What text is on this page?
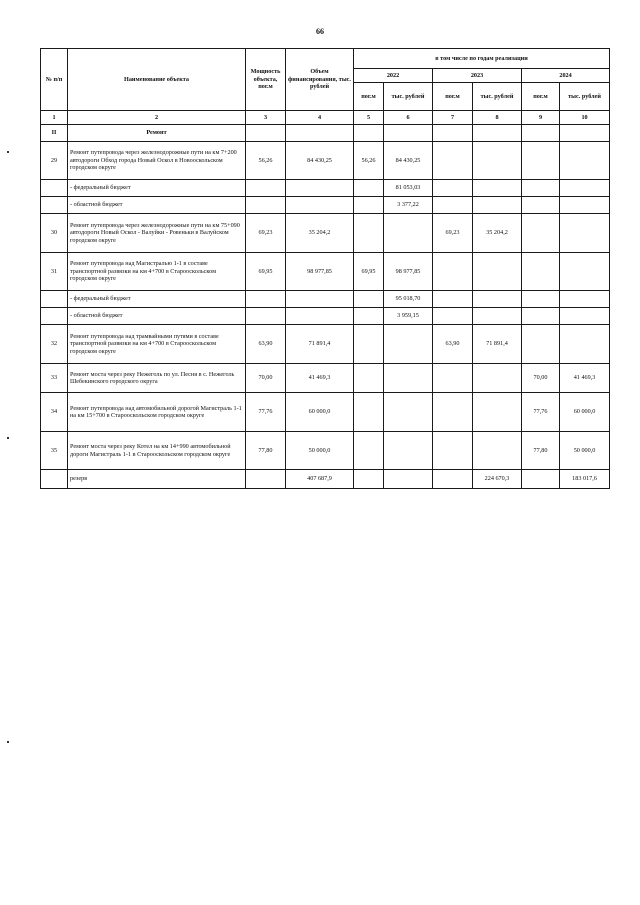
66
№ п/п	Наименование объекта	Мощность объекта, пог.м	Объем финансирования, тыс. рублей	в том числе по годам реализации					
				2022		2023		2024	
				пог.м	тыс. рублей	пог.м	тыс. рублей	пог.м	тыс. рублей
1	2	3	4	5	6	7	8	9	10
II	Ремонт								
29	Ремонт путепровода через железнодорожные пути на км 7+200 автодороги Обход города Новый Оскол в Новооскольском городском округе	56,26	84 430,25	56,26	84 430,25				
	- федеральный бюджет				81 053,03				
	- областной бюджет				3 377,22				
30	Ремонт путепровода через железнодорожные пути на км 75+090 автодороги Новый Оскол - Валуйки - Ровеньки в Валуйском городском округе	69,23	35 204,2			69,23	35 204,2		
31	Ремонт путепровода над Магистралью 1-1 в составе транспортной развязки на км 4+700 в Старооскольском городском округе	69,95	98 977,85	69,95	98 977,85				
	- федеральный бюджет				95 018,70				
	- областной бюджет				3 959,15				
32	Ремонт путепровода над трамвайными путями в составе транспортной развязки на км 4+700 в Старооскольском городском округе	63,90	71 891,4			63,90	71 891,4		
33	Ремонт моста через реку Нежеголь по ул. Песня в с. Нежеголь Шебекинского городского округа	70,00	41 469,3					70,00	41 469,3
34	Ремонт путепровода над автомобильной дорогой Магистраль 1-1 на км 15+700 в Старооскольском городском округе	77,76	60 000,0					77,76	60 000,0
35	Ремонт моста через реку Котел на км 14+990 автомобильной дороги Магистраль 1-1 в Старооскольском городском округе	77,80	50 000,0					77,80	50 000,0
	резерв		407 687,9				224 670,3		183 017,6
